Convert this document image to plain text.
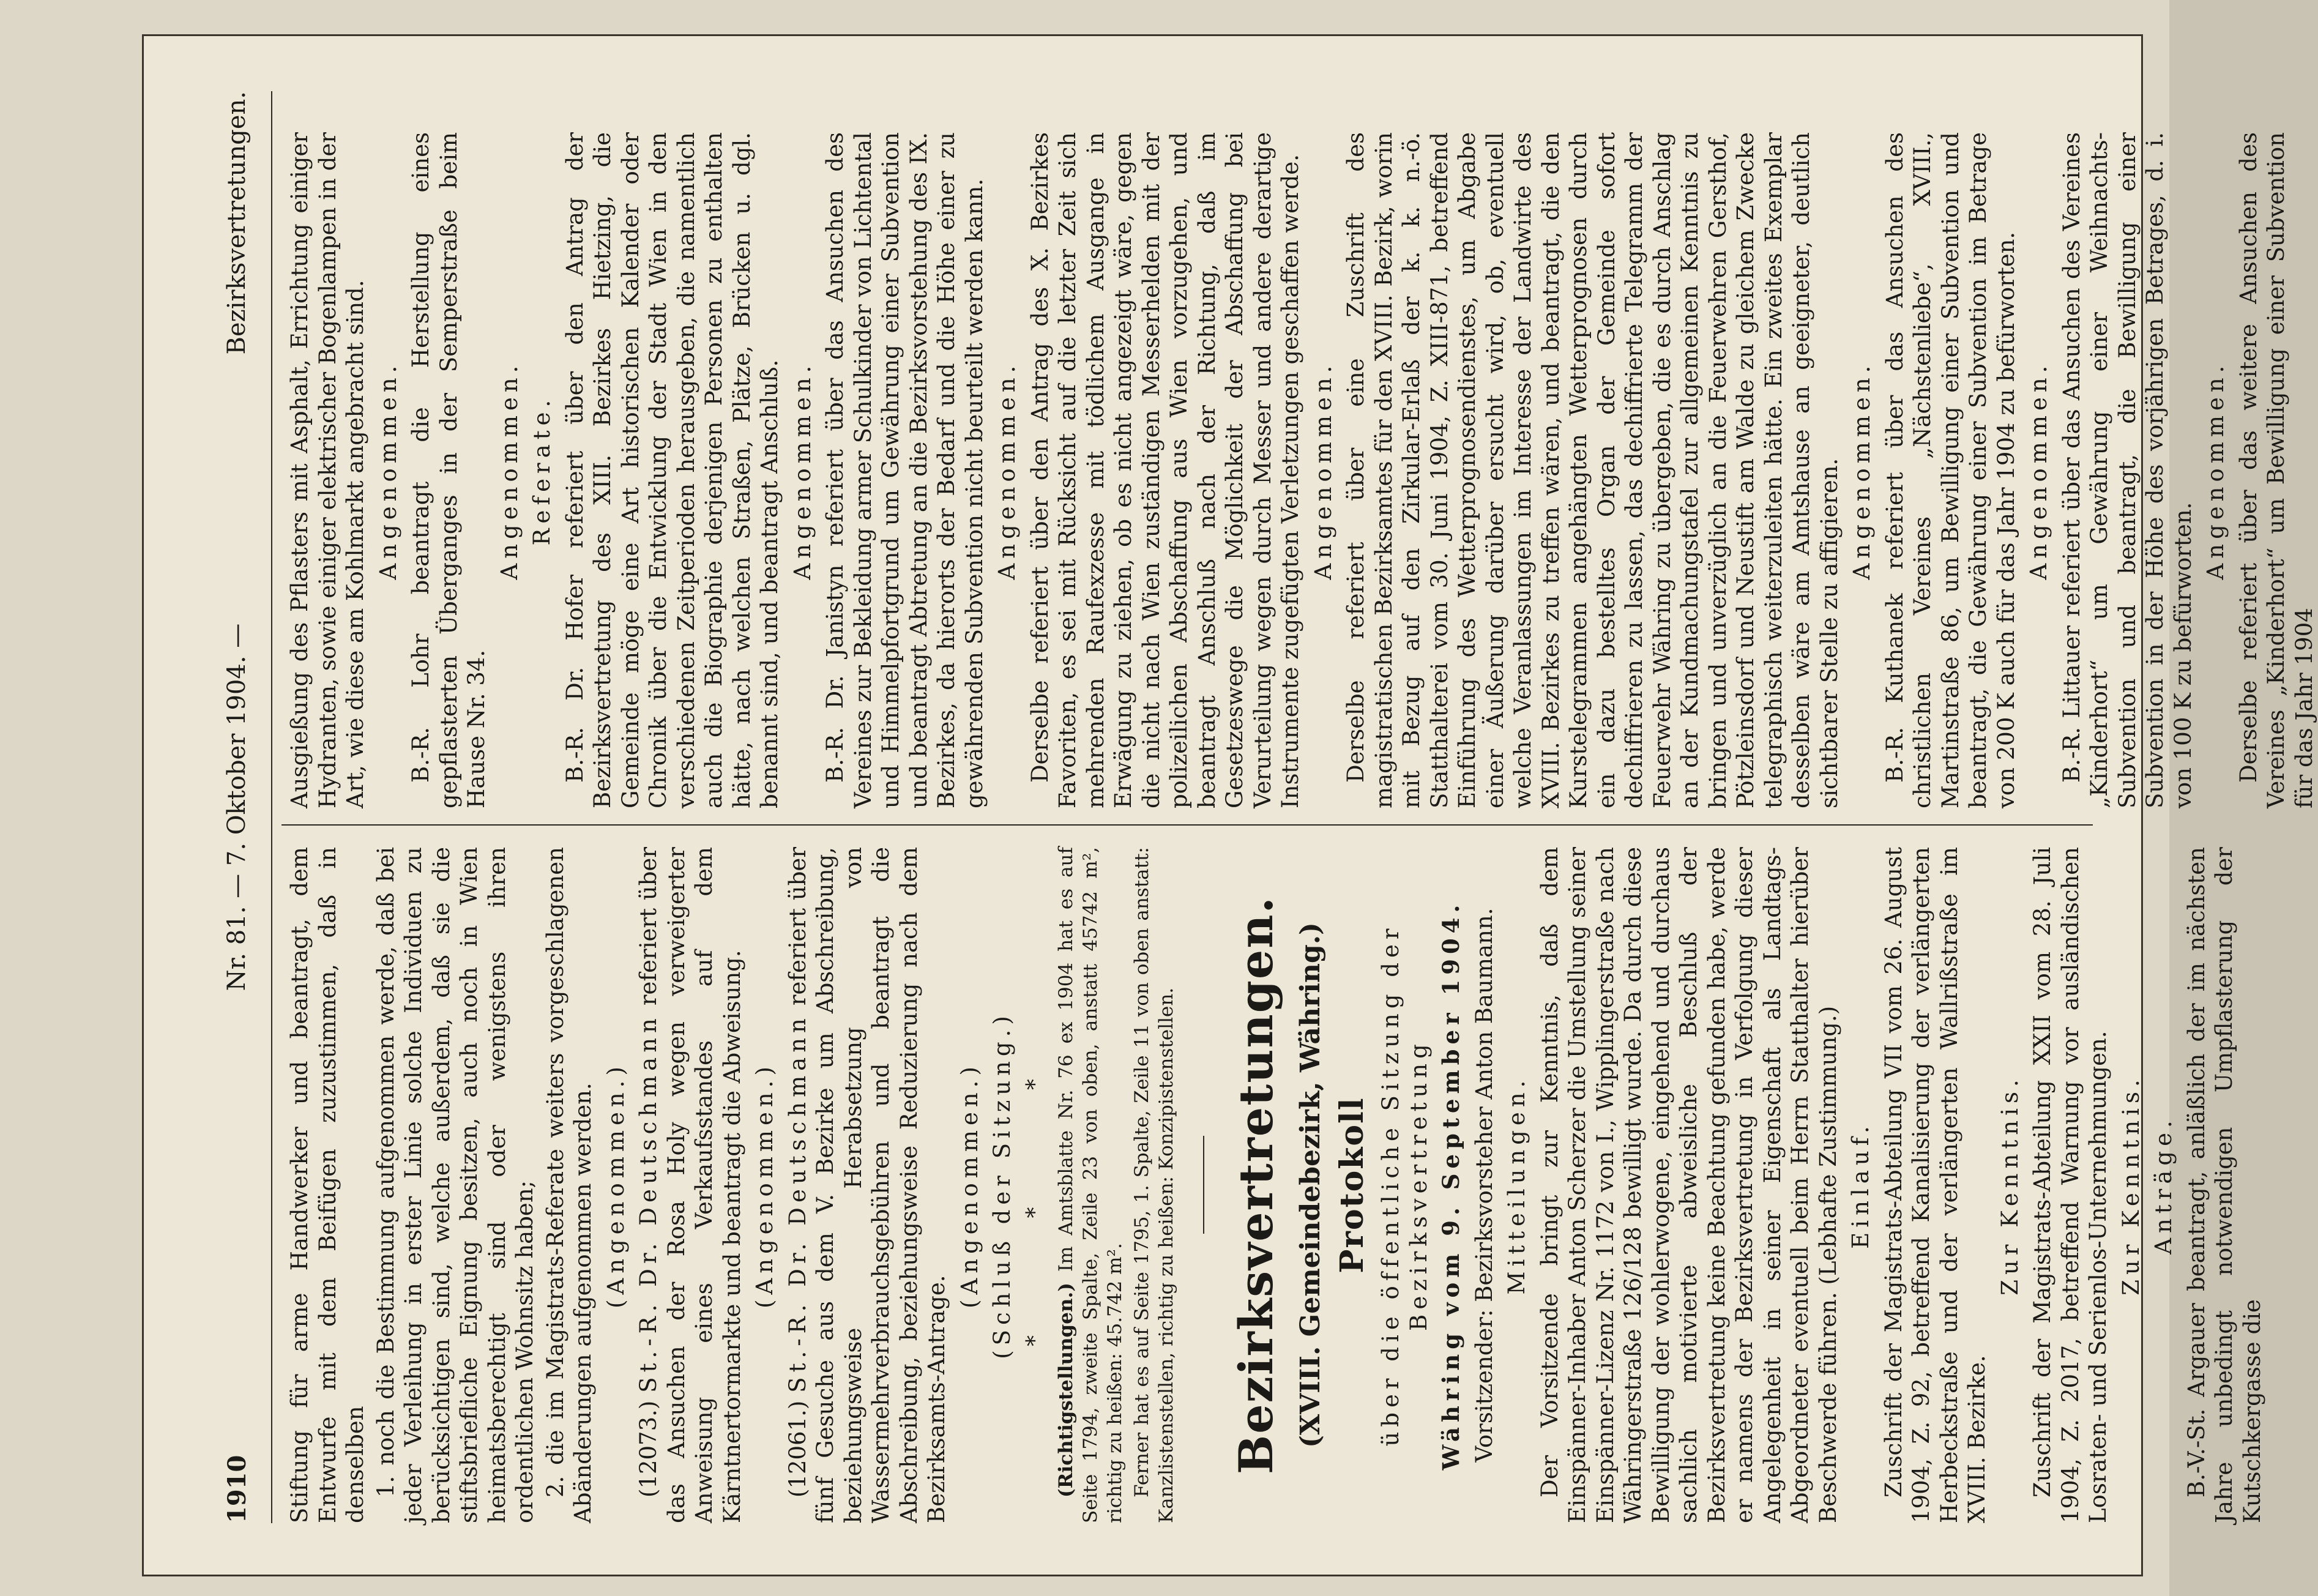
1910
Nr. 81. — 7. Oktober 1904. —
Bezirksvertretungen.

Stiftung für arme Handwerker und beantragt, dem Entwurfe mit dem Beifügen zuzustimmen, daß in denselben 1. noch die Bestimmung aufgenommen werde, daß bei jeder Verleihung in erster Linie solche Individuen zu berücksichtigen sind, welche außerdem, daß sie die stiftsbriefliche Eignung besitzen, auch noch in Wien heimatsberechtigt sind oder wenigstens ihren ordentlichen Wohnsitz haben; 2. die im Magistrats-Referate weiters vorgeschlagenen Abänderungen aufgenommen werden. (Angenommen.)

(12073.) St.-R. Dr. Deutschmann referiert über das Ansuchen der Rosa Holy wegen verweigerter Anweisung eines Verkaufsstandes auf dem Kärntnertormarkte und beantragt die Abweisung. (Angenommen.)

(12061.) St.-R. Dr. Deutschmann referiert über fünf Gesuche aus dem V. Bezirke um Abschreibung, beziehungsweise Herabsetzung von Wassermehrverbrauchsgebühren und beantragt die Abschreibung, beziehungsweise Reduzierung nach dem Bezirksamts-Antrage.

(Angenommen.) (Schluß der Sitzung.) * * *

(Richtigstellungen.) Im Amtsblatte Nr. 76 ex 1904 hat es auf Seite 1794, zweite Spalte, Zeile 23 von oben, anstatt 45742 m², richtig zu heißen: 45.742 m². Ferner hat es auf Seite 1795, 1. Spalte, Zeile 11 von oben anstatt: Kanzlistenstellen, richtig zu heißen: Konzipistenstellen. Bezirksvertretungen. (XVIII. Gemeindebezirk, Währing.) Protokoll über die öffentliche Sitzung der Bezirksvertretung Währing vom 9. September 1904. Vorsitzender: Bezirksvorsteher Anton Baumann. Mitteilungen. Der Vorsitzende bringt zur Kenntnis, daß dem Einspänner-Inhaber Anton Scherzer die Umstellung seiner Einspänner-Lizenz Nr. 1172 von I., Wipplingerstraße nach Währingerstraße 126/128 bewilligt wurde. Da durch diese Bewilligung der wohlerwogene, eingehend und durchaus sachlich motivierte abweisliche Beschluß der Bezirksvertretung keine Beachtung gefunden habe, werde er namens der Bezirksvertretung in Verfolgung dieser Angelegenheit in seiner Eigenschaft als Landtags-Abgeordneter eventuell beim Herrn Statthalter hierüber Beschwerde führen. (Lebhafte Zustimmung.) Einlauf. Zuschrift der Magistrats-Abteilung VII vom 26. August 1904, Z. 92, betreffend Kanalisierung der verlängerten Herbeckstraße und der verlängerten Wallrißstraße im XVIII. Bezirke.

Zur Kenntnis. Zuschrift der Magistrats-Abteilung XXII vom 28. Juli 1904, Z. 2017, betreffend Warnung vor ausländischen Losraten- und Serienlos-Unternehmungen. Zur Kenntnis. Anträge. B.-V.-St. Argauer beantragt, anläßlich der im nächsten Jahre unbedingt notwendigen Umpflasterung der Kutschkergasse die

Ausgießung des Pflasters mit Asphalt, Errichtung einiger Hydranten, sowie einiger elektrischer Bogenlampen in der Art, wie diese am Kohlmarkt angebracht sind. Angenommen. B.-R. Lohr beantragt die Herstellung eines gepflasterten Überganges in der Semperstraße beim Hause Nr. 34.

Angenommen. Referate. B.-R. Dr. Hofer referiert über den Antrag der Bezirksvertretung des XIII. Bezirkes Hietzing, die Gemeinde möge eine Art historischen Kalender oder Chronik über die Entwicklung der Stadt Wien in den verschiedenen Zeitperioden herausgeben, die namentlich auch die Biographie derjenigen Personen zu enthalten hätte, nach welchen Straßen, Plätze, Brücken u. dgl. benannt sind, und beantragt Anschluß. Angenommen. B.-R. Dr. Janistyn referiert über das Ansuchen des Vereines zur Bekleidung armer Schulkinder von Lichtental und Himmelpfortgrund um Gewährung einer Subvention und beantragt Abtretung an die Bezirksvorstehung des IX. Bezirkes, da hierorts der Bedarf und die Höhe einer zu gewährenden Subvention nicht beurteilt werden kann. Angenommen. Derselbe referiert über den Antrag des X. Bezirkes Favoriten, es sei mit Rücksicht auf die letzter Zeit sich mehrenden Raufexzesse mit tödlichem Ausgange in Erwägung zu ziehen, ob es nicht angezeigt wäre, gegen die nicht nach Wien zuständigen Messerhelden mit der polizeilichen Abschaffung aus Wien vorzugehen, und beantragt Anschluß nach der Richtung, daß im Gesetzeswege die Möglichkeit der Abschaffung bei Verurteilung wegen durch Messer und andere derartige Instrumente zugefügten Verletzungen geschaffen werde. Angenommen. Derselbe referiert über eine Zuschrift des magistratischen Bezirksamtes für den XVIII. Bezirk, worin mit Bezug auf den Zirkular-Erlaß der k. k. n.-ö. Statthalterei vom 30. Juni 1904, Z. XIII-871, betreffend Einführung des Wetterprognosendienstes, um Abgabe einer Äußerung darüber ersucht wird, ob, eventuell welche Veranlassungen im Interesse der Landwirte des XVIII. Bezirkes zu treffen wären, und beantragt, die den Kurstelegrammen angehängten Wetterprognosen durch ein dazu bestelltes Organ der Gemeinde sofort dechiffrieren zu lassen, das dechiffrierte Telegramm der Feuerwehr Währing zu übergeben, die es durch Anschlag an der Kundmachungstafel zur allgemeinen Kenntnis zu bringen und unverzüglich an die Feuerwehren Gersthof, Pötzleinsdorf und Neustift am Walde zu gleichem Zwecke telegraphisch weiterzuleiten hätte. Ein zweites Exemplar desselben wäre am Amtshause an geeigneter, deutlich sichtbarer Stelle zu affigieren. Angenommen. B.-R. Kuthanek referiert über das Ansuchen des christlichen Vereines „Nächstenliebe“, XVIII., Martinstraße 86, um Bewilligung einer Subvention und beantragt, die Gewährung einer Subvention im Betrage von 200 K auch für das Jahr 1904 zu befürworten. Angenommen. B.-R. Littauer referiert über das Ansuchen des Vereines „Kinderhort“ um Gewährung einer Weihnachts-Subvention und beantragt, die Bewilligung einer Subvention in der Höhe des vorjährigen Betrages, d. i. von 100 K zu befürworten.

Angenommen. Derselbe referiert über das weitere Ansuchen des Vereines „Kinderhort“ um Bewilligung einer Subvention für das Jahr 1904
